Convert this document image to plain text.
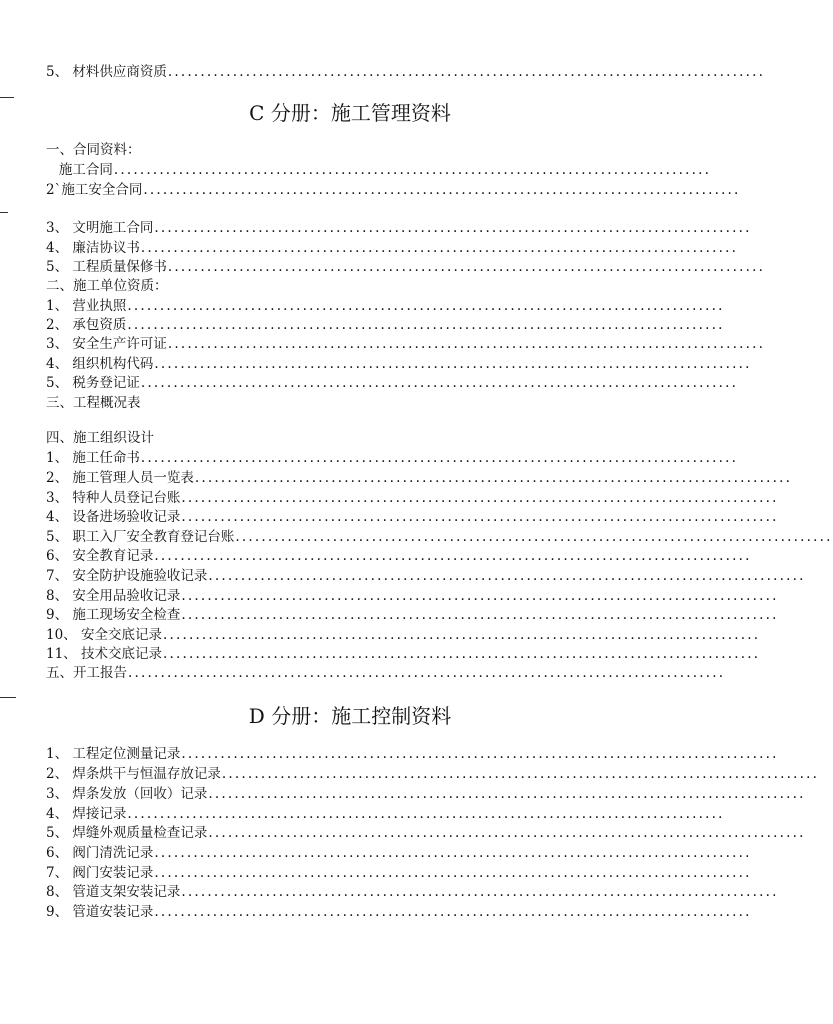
5、 材料供应商资质 ............................................................................................
C 分册：施工管理资料
一、合同资料：
施工合同 ............................................................................................
2`施工安全合同 ............................................................................................
3、 文明施工合同 ............................................................................................
4、 廉洁协议书 ............................................................................................
5、 工程质量保修书 ............................................................................................
二、施工单位资质：
1、 营业执照 ............................................................................................
2、 承包资质 ............................................................................................
3、 安全生产许可证 ............................................................................................
4、 组织机构代码 ............................................................................................
5、 税务登记证 ............................................................................................
三、工程概况表
四、施工组织设计
1、 施工任命书 ............................................................................................
2、 施工管理人员一览表 ............................................................................................
3、 特种人员登记台账 ............................................................................................
4、 设备进场验收记录 ............................................................................................
5、 职工入厂安全教育登记台账 ............................................................................................
6、 安全教育记录 ............................................................................................
7、 安全防护设施验收记录 ............................................................................................
8、 安全用品验收记录 ............................................................................................
9、 施工现场安全检查 ............................................................................................
10、 安全交底记录 ............................................................................................
11、 技术交底记录 ............................................................................................
五、开工报告 ............................................................................................
D 分册：施工控制资料
1、 工程定位测量记录 ............................................................................................
2、 焊条烘干与恒温存放记录 ............................................................................................
3、 焊条发放（回收）记录 ............................................................................................
4、 焊接记录 ............................................................................................
5、 焊缝外观质量检查记录 ............................................................................................
6、 阀门清洗记录 ............................................................................................
7、 阀门安装记录 ............................................................................................
8、 管道支架安装记录 ............................................................................................
9、 管道安装记录 ............................................................................................
